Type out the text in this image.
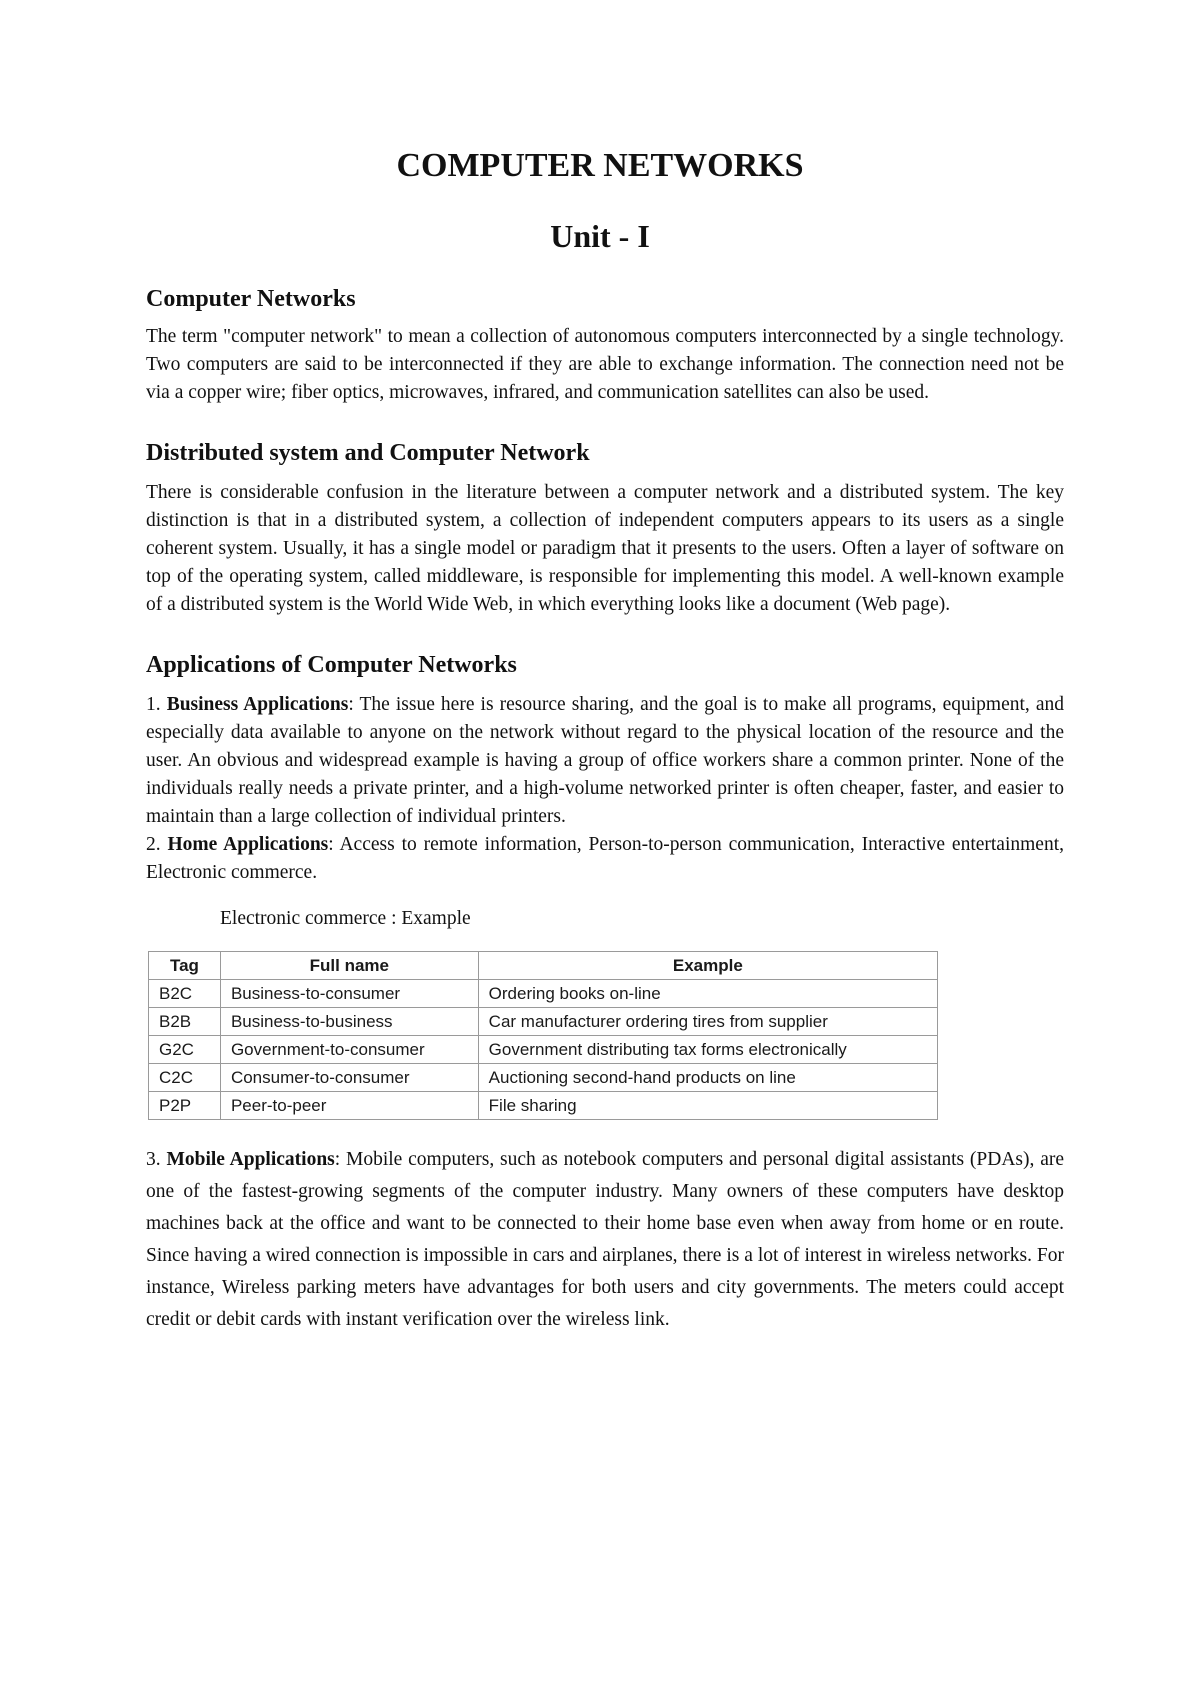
COMPUTER NETWORKS
Unit - I
Computer Networks

The term "computer network" to mean a collection of autonomous computers interconnected by a single technology. Two computers are said to be interconnected if they are able to exchange information. The connection need not be via a copper wire; fiber optics, microwaves, infrared, and communication satellites can also be used.

Distributed system and Computer Network

There is considerable confusion in the literature between a computer network and a distributed system. The key distinction is that in a distributed system, a collection of independent computers appears to its users as a single coherent system. Usually, it has a single model or paradigm that it presents to the users. Often a layer of software on top of the operating system, called middleware, is responsible for implementing this model. A well-known example of a distributed system is the World Wide Web, in which everything looks like a document (Web page).

Applications of Computer Networks

1. Business Applications: The issue here is resource sharing, and the goal is to make all programs, equipment, and especially data available to anyone on the network without regard to the physical location of the resource and the user. An obvious and widespread example is having a group of office workers share a common printer. None of the individuals really needs a private printer, and a high-volume networked printer is often cheaper, faster, and easier to maintain than a large collection of individual printers.

2. Home Applications: Access to remote information, Person-to-person communication, Interactive entertainment, Electronic commerce.

Electronic commerce : Example
Tag	Full name	Example
B2C	Business-to-consumer	Ordering books on-line
B2B	Business-to-business	Car manufacturer ordering tires from supplier
G2C	Government-to-consumer	Government distributing tax forms electronically
C2C	Consumer-to-consumer	Auctioning second-hand products on line
P2P	Peer-to-peer	File sharing

3. Mobile Applications: Mobile computers, such as notebook computers and personal digital assistants (PDAs), are one of the fastest-growing segments of the computer industry. Many owners of these computers have desktop machines back at the office and want to be connected to their home base even when away from home or en route. Since having a wired connection is impossible in cars and airplanes, there is a lot of interest in wireless networks. For instance, Wireless parking meters have advantages for both users and city governments. The meters could accept credit or debit cards with instant verification over the wireless link.
